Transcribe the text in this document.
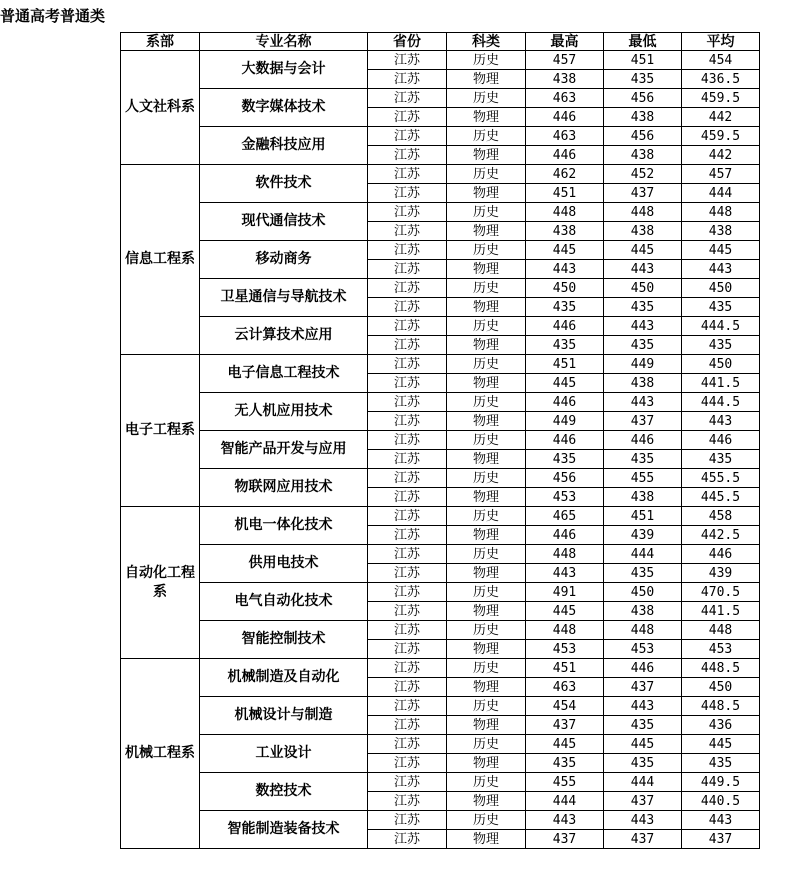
普通高考普通类
系部	专业名称	省份	科类	最高	最低	平均
人文社科系	大数据与会计	江苏	历史	457	451	454
		江苏	物理	438	435	436.5
	数字媒体技术	江苏	历史	463	456	459.5
		江苏	物理	446	438	442
	金融科技应用	江苏	历史	463	456	459.5
		江苏	物理	446	438	442
信息工程系	软件技术	江苏	历史	462	452	457
		江苏	物理	451	437	444
	现代通信技术	江苏	历史	448	448	448
		江苏	物理	438	438	438
	移动商务	江苏	历史	445	445	445
		江苏	物理	443	443	443
	卫星通信与导航技术	江苏	历史	450	450	450
		江苏	物理	435	435	435
	云计算技术应用	江苏	历史	446	443	444.5
		江苏	物理	435	435	435
电子工程系	电子信息工程技术	江苏	历史	451	449	450
		江苏	物理	445	438	441.5
	无人机应用技术	江苏	历史	446	443	444.5
		江苏	物理	449	437	443
	智能产品开发与应用	江苏	历史	446	446	446
		江苏	物理	435	435	435
	物联网应用技术	江苏	历史	456	455	455.5
		江苏	物理	453	438	445.5
自动化工程系	机电一体化技术	江苏	历史	465	451	458
		江苏	物理	446	439	442.5
	供用电技术	江苏	历史	448	444	446
		江苏	物理	443	435	439
	电气自动化技术	江苏	历史	491	450	470.5
		江苏	物理	445	438	441.5
	智能控制技术	江苏	历史	448	448	448
		江苏	物理	453	453	453
机械工程系	机械制造及自动化	江苏	历史	451	446	448.5
		江苏	物理	463	437	450
	机械设计与制造	江苏	历史	454	443	448.5
		江苏	物理	437	435	436
	工业设计	江苏	历史	445	445	445
		江苏	物理	435	435	435
	数控技术	江苏	历史	455	444	449.5
		江苏	物理	444	437	440.5
	智能制造装备技术	江苏	历史	443	443	443
		江苏	物理	437	437	437
